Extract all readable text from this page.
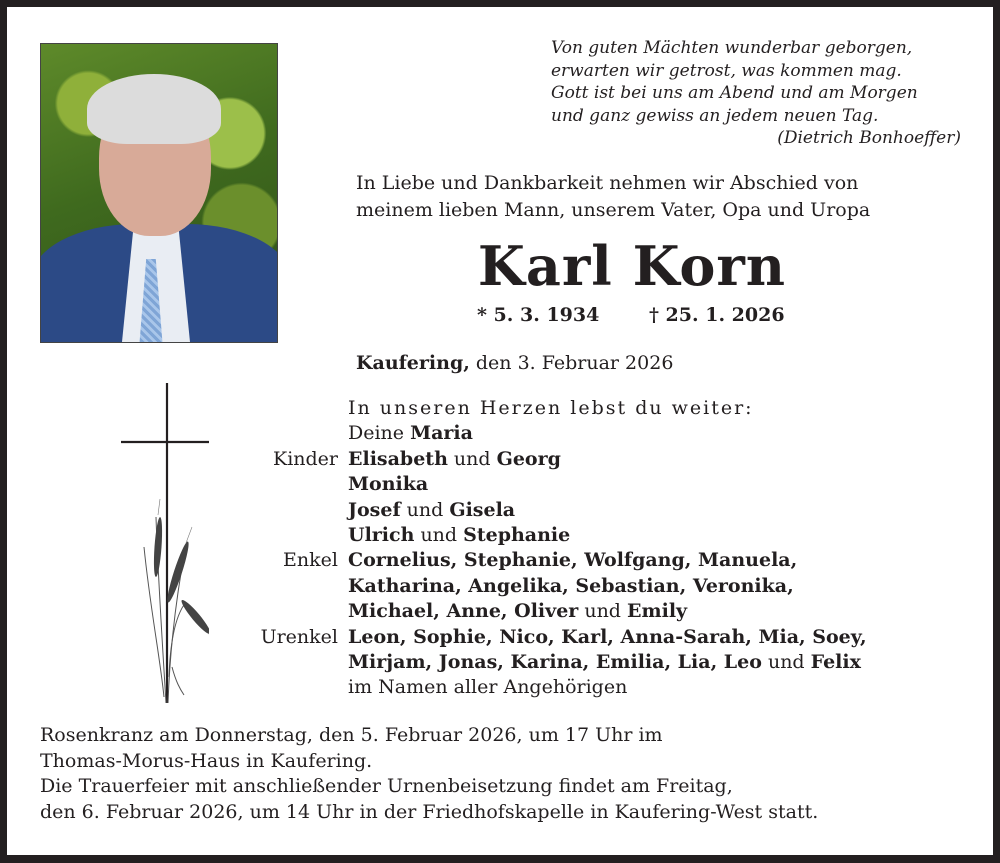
Von guten Mächten wunderbar geborgen,
erwarten wir getrost, was kommen mag.
Gott ist bei uns am Abend und am Morgen
und ganz gewiss an jedem neuen Tag.
(Dietrich Bonhoeffer)
In Liebe und Dankbarkeit nehmen wir Abschied von
meinem lieben Mann, unserem Vater, Opa und Uropa
Karl Korn
* 5. 3. 1934	† 25. 1. 2026
Kaufering, den 3. Februar 2026
In unseren Herzen lebst du weiter:
Deine Maria
Kinder Elisabeth und Georg
Monika
Josef und Gisela
Ulrich und Stephanie
Enkel Cornelius, Stephanie, Wolfgang, Manuela,
Katharina, Angelika, Sebastian, Veronika,
Michael, Anne, Oliver und Emily
Urenkel Leon, Sophie, Nico, Karl, Anna-Sarah, Mia, Soey,
Mirjam, Jonas, Karina, Emilia, Lia, Leo und Felix
im Namen aller Angehörigen
Rosenkranz am Donnerstag, den 5. Februar 2026, um 17 Uhr im
Thomas-Morus-Haus in Kaufering.
Die Trauerfeier mit anschließender Urnenbeisetzung findet am Freitag,
den 6. Februar 2026, um 14 Uhr in der Friedhofskapelle in Kaufering-West statt.
